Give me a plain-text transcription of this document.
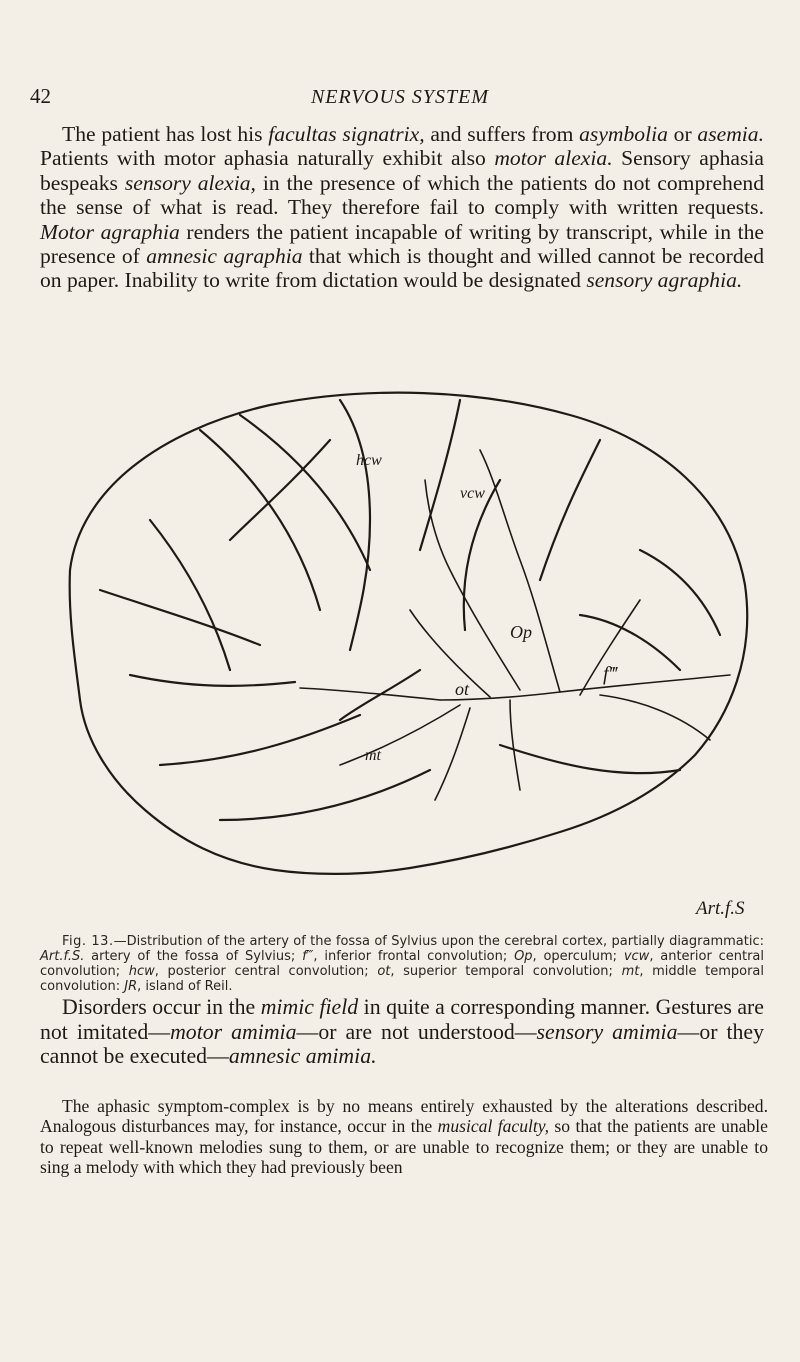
42	NERVOUS SYSTEM

The patient has lost his facultas signatrix, and suffers from asymbolia or asemia. Patients with motor aphasia naturally exhibit also motor alexia. Sensory aphasia bespeaks sensory alexia, in the presence of which the patients do not comprehend the sense of what is read. They therefore fail to comply with written requests. Motor agraphia renders the patient incapable of writing by transcript, while in the presence of amnesic agraphia that which is thought and willed cannot be recorded on paper. Inability to write from dictation would be designated sensory agraphia.

hcw
vcw
Op
ot
f‴
mt
Art.f.S

Fig. 13.—Distribution of the artery of the fossa of Sylvius upon the cerebral cortex, partially diagrammatic: Art.f.S. artery of the fossa of Sylvius; f‴, inferior frontal convolution; Op, operculum; vcw, anterior central convolution; hcw, posterior central convolution; ot, superior temporal convolution; mt, middle temporal convolution: JR, island of Reil.

Disorders occur in the mimic field in quite a corresponding manner. Gestures are not imitated—motor amimia—or are not understood—sensory amimia—or they cannot be executed—amnesic amimia.

The aphasic symptom-complex is by no means entirely exhausted by the alterations described. Analogous disturbances may, for instance, occur in the musical faculty, so that the patients are unable to repeat well-known melodies sung to them, or are unable to recognize them; or they are unable to sing a melody with which they had previously been
